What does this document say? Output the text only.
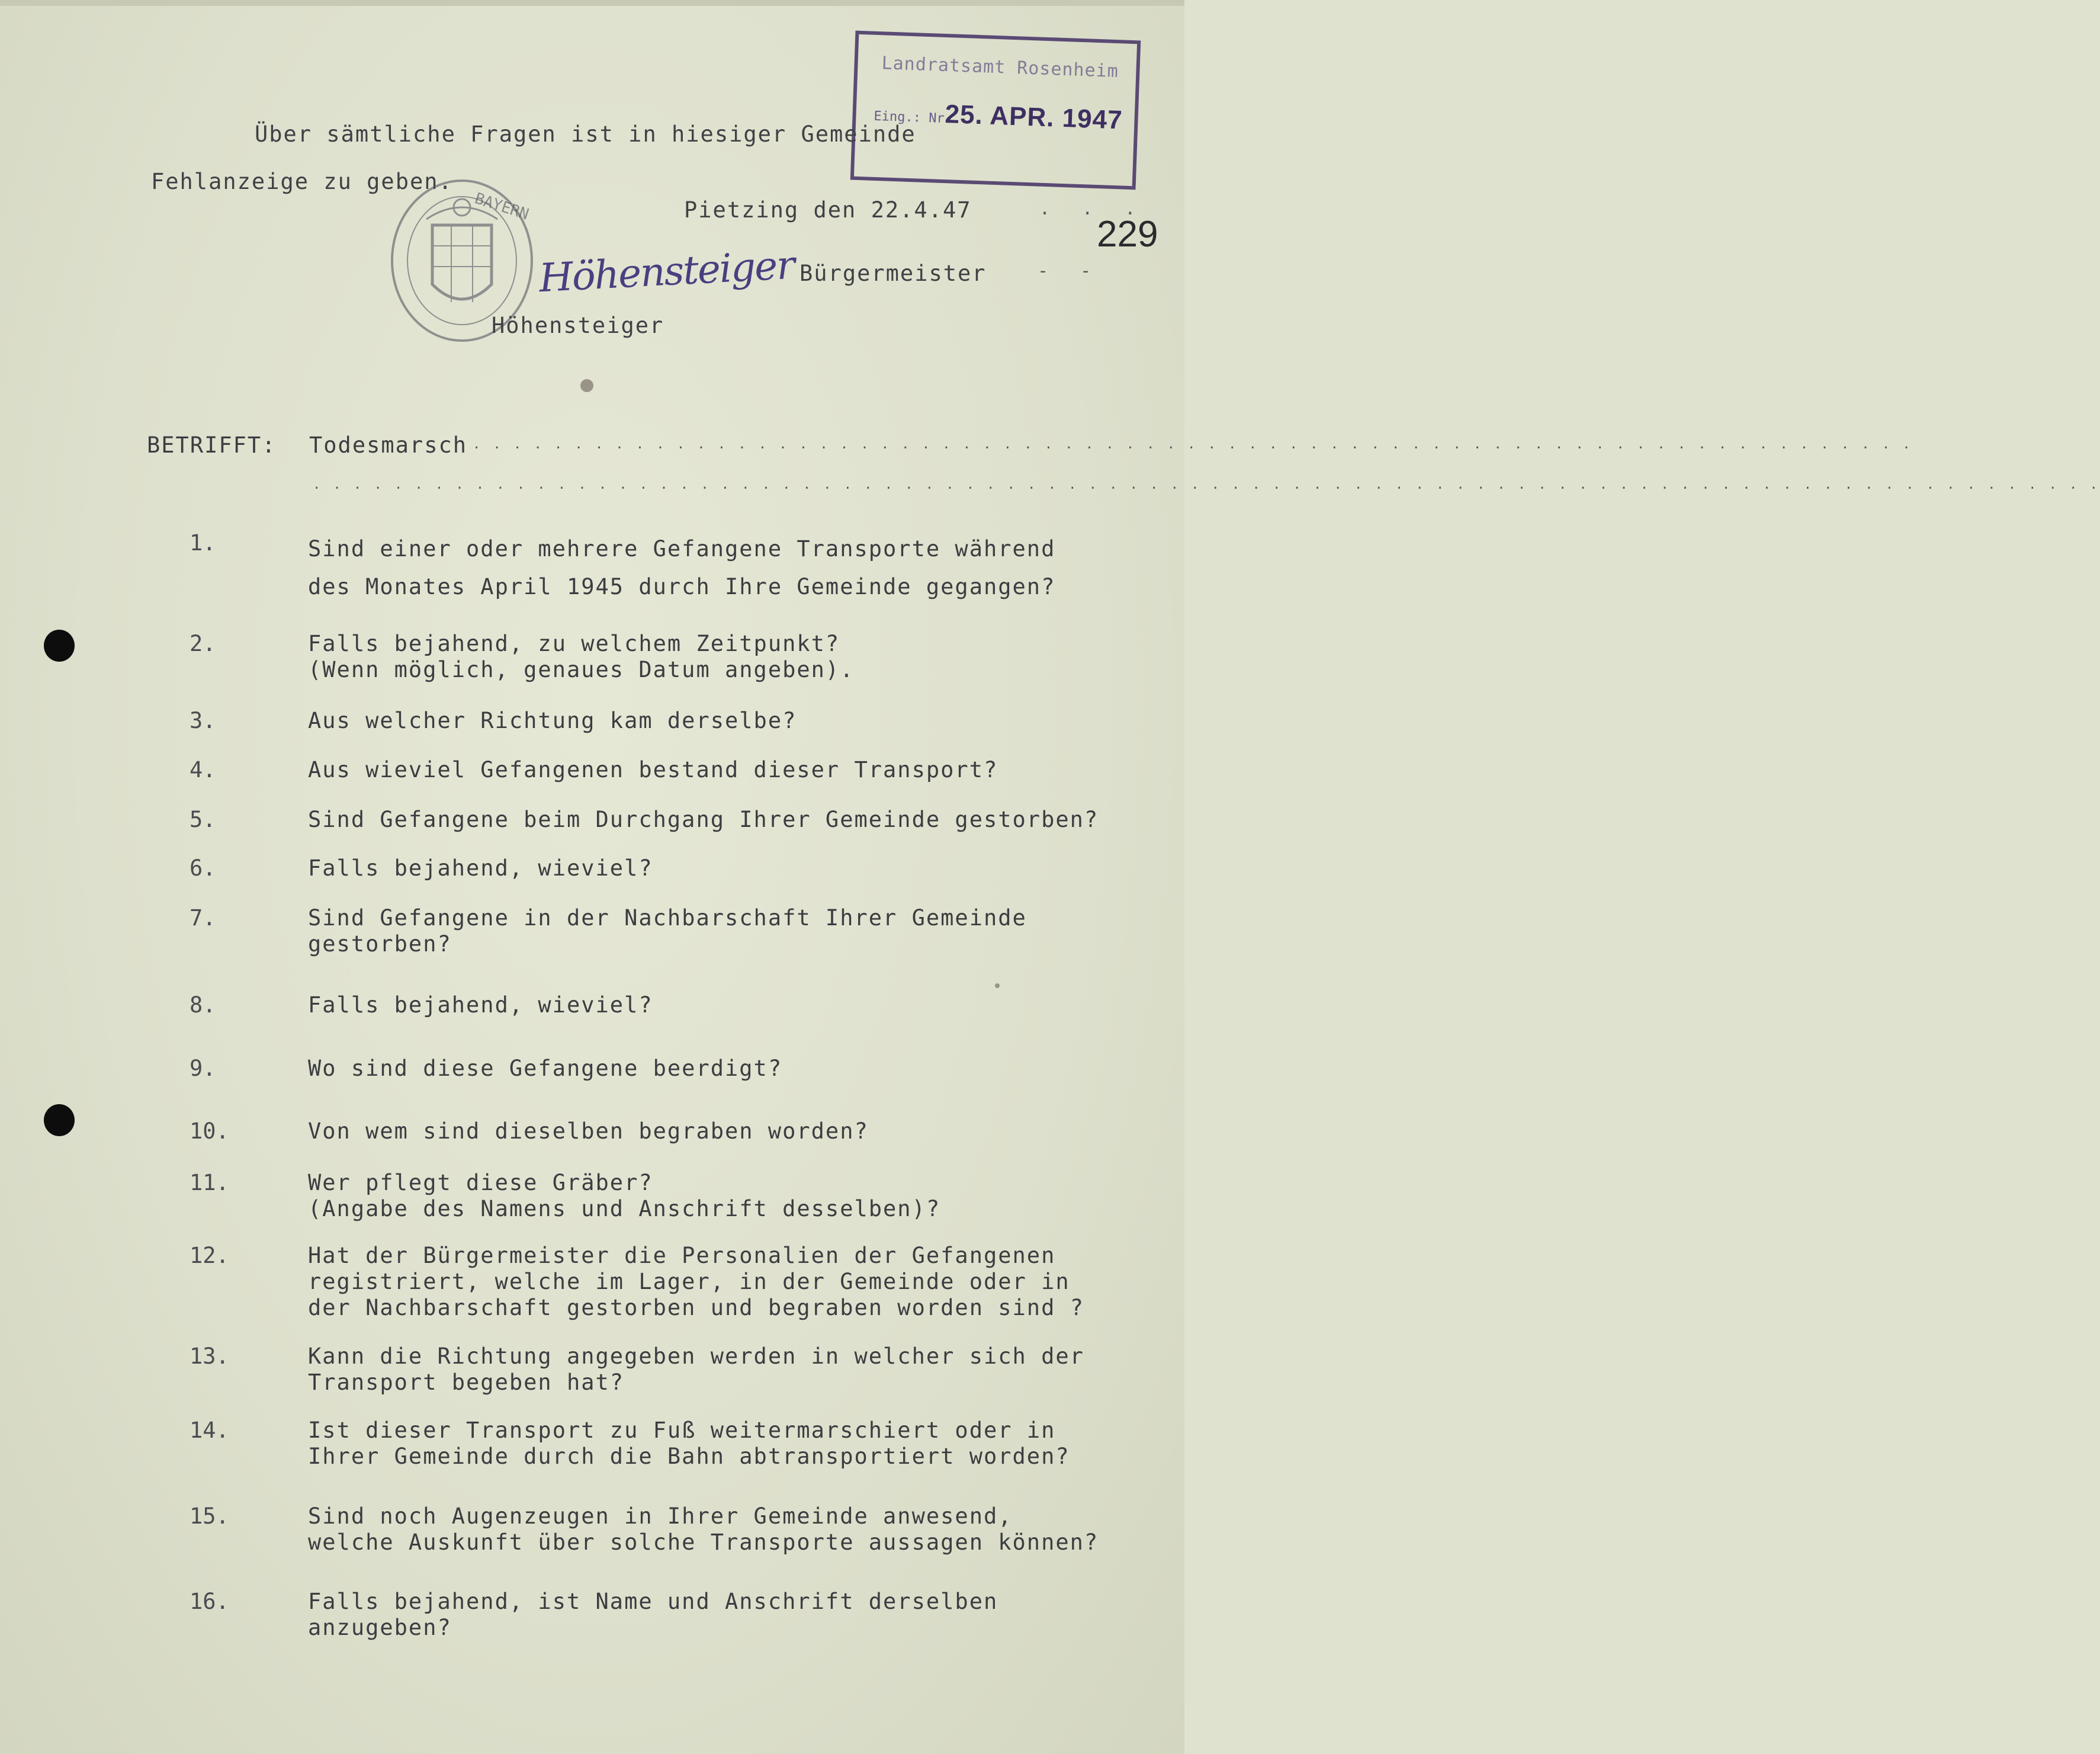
Landratsamt Rosenheim
Eing.: Nr.
25. APR. 1947
Über sämtliche Fragen ist in hiesiger Gemeinde
Fehlanzeige zu geben.
Pietzing den 22.4.47	. . .
229
BAYERN
Höhensteiger Bürgermeister	- -
Höhensteiger
BETRIFFT: Todesmarsch . . . . . . . . . . . . . . . . . . . . . . . . . . . . . . . . . . . . . . . . . . . . . . . . . . . . . . . . . . . . . . . . . . . . . . .
. . . . . . . . . . . . . . . . . . . . . . . . . . . . . . . . . . . . . . . . . . . . . . . . . . . . . . . . . . . . . . . . . . . . . . . . . . . . . . . . . . . . . . . .
1.	Sind einer oder mehrere Gefangene Transporte während
des Monates April 1945 durch Ihre Gemeinde gegangen?
2.	Falls bejahend, zu welchem Zeitpunkt?
(Wenn möglich, genaues Datum angeben).
3.	Aus welcher Richtung kam derselbe?
4.	Aus wieviel Gefangenen bestand dieser Transport?
5.	Sind Gefangene beim Durchgang Ihrer Gemeinde gestorben?
6.	Falls bejahend, wieviel?
7.	Sind Gefangene in der Nachbarschaft Ihrer Gemeinde
gestorben?
8.	Falls bejahend, wieviel?
9.	Wo sind diese Gefangene beerdigt?
10.	Von wem sind dieselben begraben worden?
11.	Wer pflegt diese Gräber?
(Angabe des Namens und Anschrift desselben)?
12.	Hat der Bürgermeister die Personalien der Gefangenen
registriert, welche im Lager, in der Gemeinde oder in
der Nachbarschaft gestorben und begraben worden sind ?
13.	Kann die Richtung angegeben werden in welcher sich der
Transport begeben hat?
14.	Ist dieser Transport zu Fuß weitermarschiert oder in
Ihrer Gemeinde durch die Bahn abtransportiert worden?
15.	Sind noch Augenzeugen in Ihrer Gemeinde anwesend,
welche Auskunft über solche Transporte aussagen können?
16.	Falls bejahend, ist Name und Anschrift derselben
anzugeben?
